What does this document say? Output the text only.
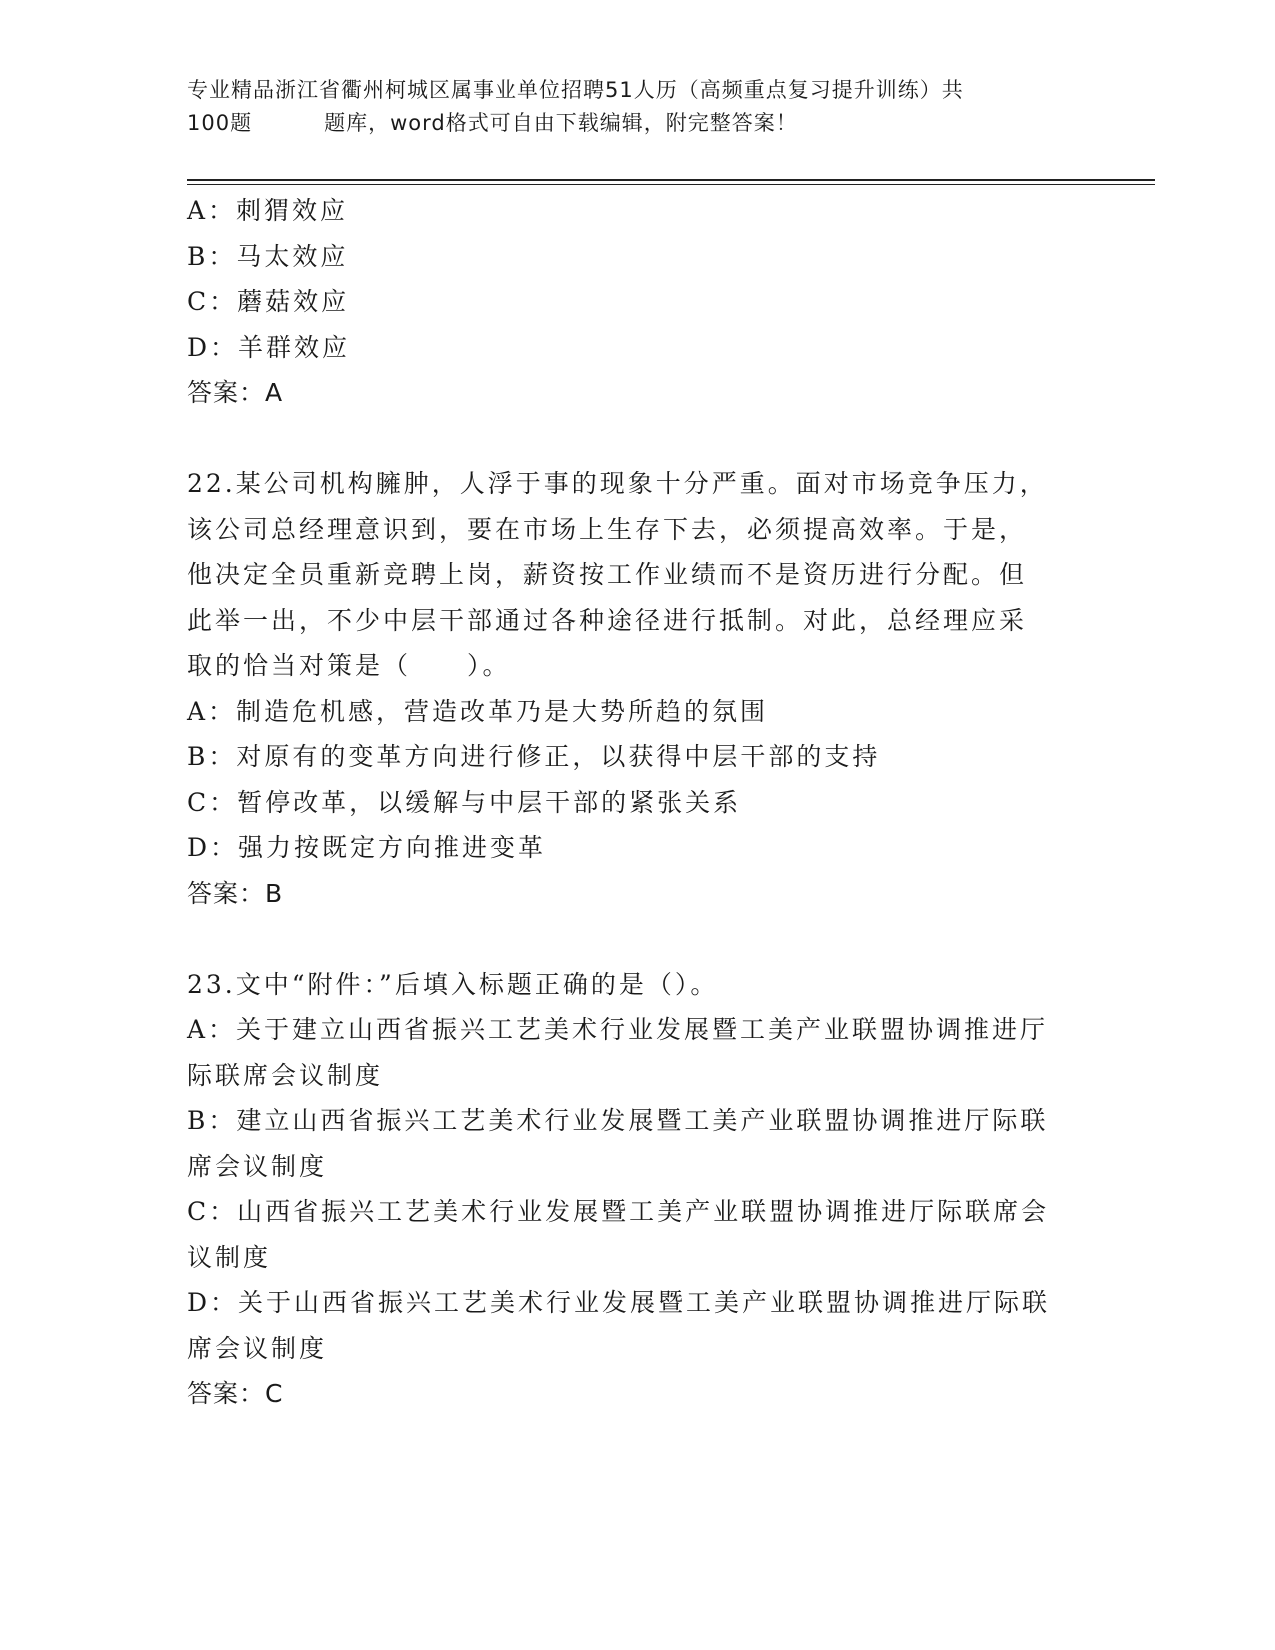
专业精品浙江省衢州柯城区属事业单位招聘51人历（高频重点复习提升训练）共
100题	题库，word格式可自由下载编辑，附完整答案！
A：刺猬效应
B：马太效应
C：蘑菇效应
D：羊群效应
答案：A
22.某公司机构臃肿，人浮于事的现象十分严重。面对市场竞争压力，
该公司总经理意识到，要在市场上生存下去，必须提高效率。于是，
他决定全员重新竞聘上岗，薪资按工作业绩而不是资历进行分配。但
此举一出，不少中层干部通过各种途径进行抵制。对此，总经理应采
取的恰当对策是（　　）。
A：制造危机感，营造改革乃是大势所趋的氛围
B：对原有的变革方向进行修正，以获得中层干部的支持
C：暂停改革，以缓解与中层干部的紧张关系
D：强力按既定方向推进变革
答案：B
23.文中“附件：”后填入标题正确的是（）。
A：关于建立山西省振兴工艺美术行业发展暨工美产业联盟协调推进厅
际联席会议制度
B：建立山西省振兴工艺美术行业发展暨工美产业联盟协调推进厅际联
席会议制度
C：山西省振兴工艺美术行业发展暨工美产业联盟协调推进厅际联席会
议制度
D：关于山西省振兴工艺美术行业发展暨工美产业联盟协调推进厅际联
席会议制度
答案：C
